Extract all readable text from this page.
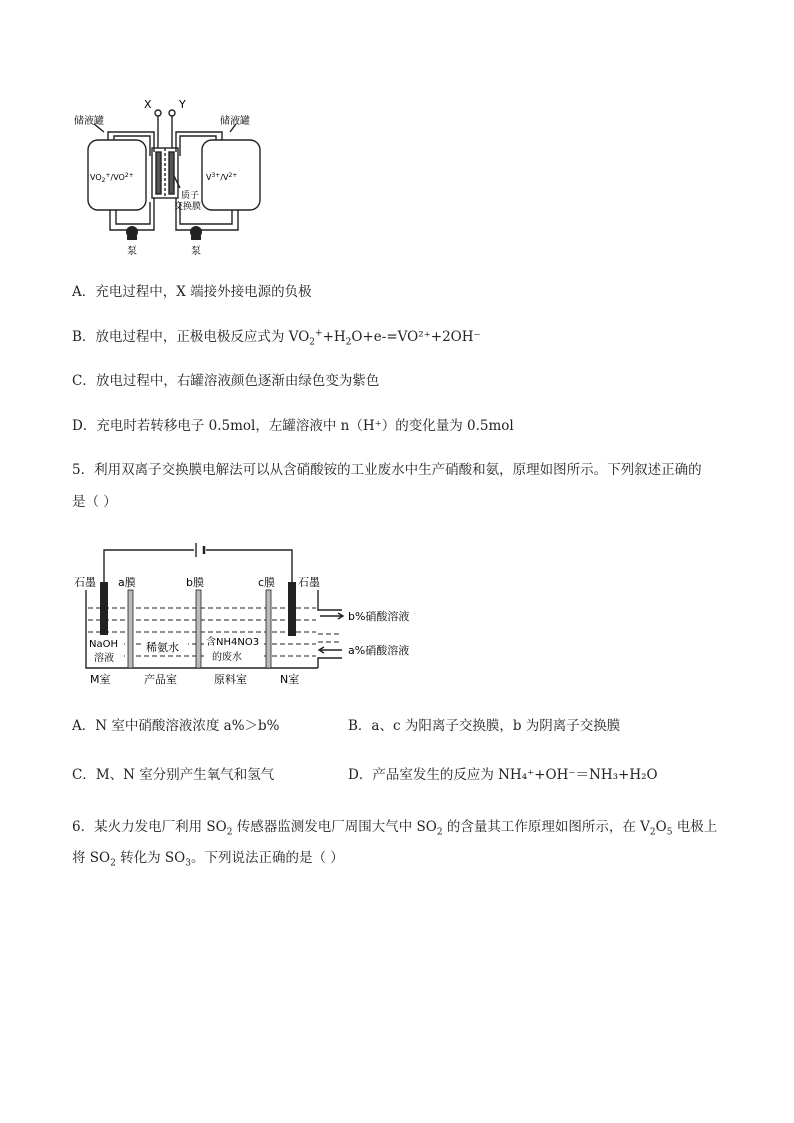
X Y
储液罐	储液罐
$VO_2^+/VO^{2+}$	$V^{3+}/V^{2+}$
质子
交换膜
泵	泵
A．充电过程中，X 端接外接电源的负极
B．放电过程中，正极电极反应式为 $VO_2^++H_2O+e-=VO^{2+}+2OH^-$
C．放电过程中，右罐溶液颜色逐渐由绿色变为紫色
D．充电时若转移电子 0.5mol，左罐溶液中 n（H⁺）的变化量为 0.5mol
5．利用双离子交换膜电解法可以从含硝酸铵的工业废水中生产硝酸和氨，原理如图所示。下列叙述正确的
是（ ）
石墨 a膜	b膜	c膜 石墨
NaOH
溶液
稀氨水	含NH4NO3
的废水
b%硝酸溶液
a%硝酸溶液
M室	产品室	原料室	N室
A．N 室中硝酸溶液浓度 a%＞b%	B．a、c 为阳离子交换膜，b 为阴离子交换膜
C．M、N 室分别产生氧气和氢气	D．产品室发生的反应为 NH₄⁺+OH⁻＝NH₃+H₂O
6．某火力发电厂利用 $SO_2$ 传感器监测发电厂周围大气中 $SO_2$ 的含量其工作原理如图所示，在 $V_2O_5$ 电极上
将 $SO_2$ 转化为 $SO_3$。下列说法正确的是（ ）
